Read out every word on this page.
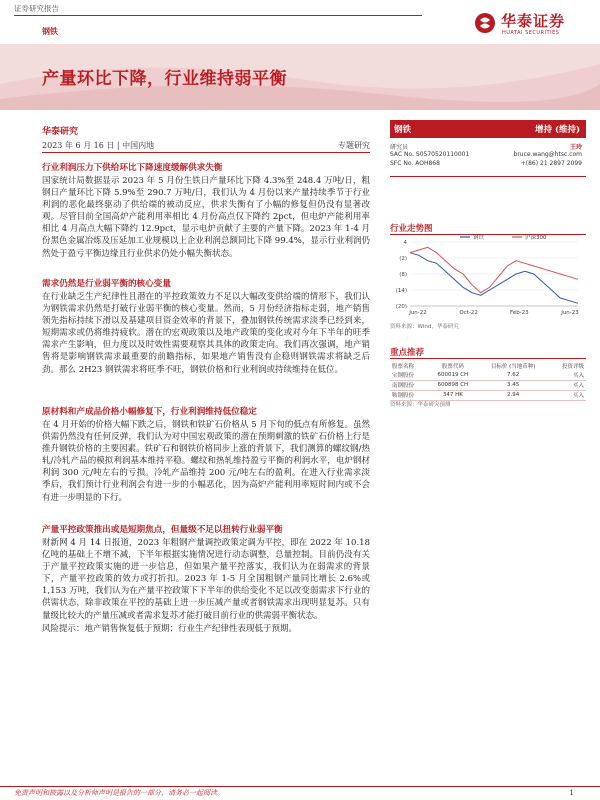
证券研究报告
钢铁
华泰证券
HUATAI SECURITIES
产量环比下降，行业维持弱平衡
华泰研究
2023 年 6 月 16 日 | 中国内地	专题研究
行业利润压力下供给环比下降速度缓解供求失衡
国家统计局数据显示 2023 年 5 月份生铁日产量环比下降 4.3%至 248.4 万吨/日，粗钢日产量环比下降 5.9%至 290.7 万吨/日，我们认为 4 月份以来产量持续季节于行业利润的恶化最终驱动了供给端的被动反应，供求失衡有了小幅的修复但仍没有显著改观。尽管目前全国高炉产能利用率相比 4 月份高点仅下降约 2pct，但电炉产能利用率相比 4 月高点大幅下降约 12.9pct，显示电炉贡献了主要的产量下降。2023 年 1-4 月份黑色金属冶炼及压延加工业规模以上企业利润总额同比下降 99.4%，显示行业利润仍然处于盈亏平衡边缘且行业供求仍处小幅失衡状态。
需求仍然是行业弱平衡的核心变量
在行业缺乏生产纪律性且潜在的平控政策效力不足以大幅改变供给端的情形下，我们认为钢铁需求仍然是打破行业弱平衡的核心变量。然而，5 月份经济指标走弱，地产销售领先指标持续下滑以及基建项目资金效率的背景下，叠加钢铁传统需求淡季已经到来，短期需求或仍将维持疲软。潜在的宏观政策以及地产政策的变化或对今年下半年的旺季需求产生影响，但力度以及时效性需要观察其具体的政策走向。我们再次强调，地产销售将是影响钢铁需求最重要的前瞻指标，如果地产销售没有企稳则钢铁需求将缺乏后劲。那么 2H23 钢铁需求将旺季不旺，钢铁价格和行业利润或持续维持在低位。
原材料和产成品价格小幅修复下，行业利润维持低位稳定
在 4 月开始的价格大幅下跌之后，钢铁和铁矿石价格从 5 月下旬的低点有所修复。虽然供需仍然没有任何反弹，我们认为对中国宏观政策的潜在预期刺激的铁矿石价格上行是推升钢铁价格的主要因素。铁矿石和钢铁价格同步上涨的背景下，我们测算的螺纹钢/热轧/冷轧产品的模拟利润基本维持平稳。螺纹和热轧维持盈亏平衡的利润水平，电炉钢材利润 300 元/吨左右的亏损。冷轧产品维持 200 元/吨左右的盈利。在进入行业需求淡季后，我们预计行业利润会有进一步的小幅恶化，因为高炉产能利用率短时间内或不会有进一步明显的下行。
产量平控政策推出或是短期焦点，但量级不足以扭转行业弱平衡
财新网 4 月 14 日报道，2023 年粗钢产量调控政策定调为平控，即在 2022 年 10.18 亿吨的基础上不增不减，下半年根据实施情况进行动态调整，总量控制。目前仍没有关于产量平控政策实施的进一步信息，但如果产量平控落实，我们认为在弱需求的背景下，产量平控政策的效力或打折扣。2023 年 1-5 月全国粗钢产量同比增长 2.6%或 1,153 万吨，我们认为在产量平控政策下下半年的供给变化不足以改变弱需求下行业的供需状态，除非政策在平控的基础上进一步压减产量或者钢铁需求出现明显复苏。只有量级比较大的产量压减或者需求复苏才能打破目前行业的供需弱平衡状态。
风险提示：地产销售恢复低于预期；行业生产纪律性表现低于预期。
钢铁	增持 (维持)
研究员	王玲
SAC No. S0570520110001	bruce.wang@htsc.com
SFC No. AOH868	+(86) 21 2897 2099
行业走势图
4
(2)
(8)
(14)
(20)
Jun-22	Oct-22	Feb-23	Jun-23
钢铁	沪深300
资料来源：Wind，华泰研究
重点推荐
股票名称	股票代码	目标价 (当地币种)	投资评级
宝钢股份	600019 CH	7.62	买入
南钢股份	600898 CH	3.45	买入
鞍钢股份	347 HK	2.94	买入
资料来源：华泰研究预测
免责声明和披露以及分析师声明是报告的一部分，请务必一起阅读。	1
